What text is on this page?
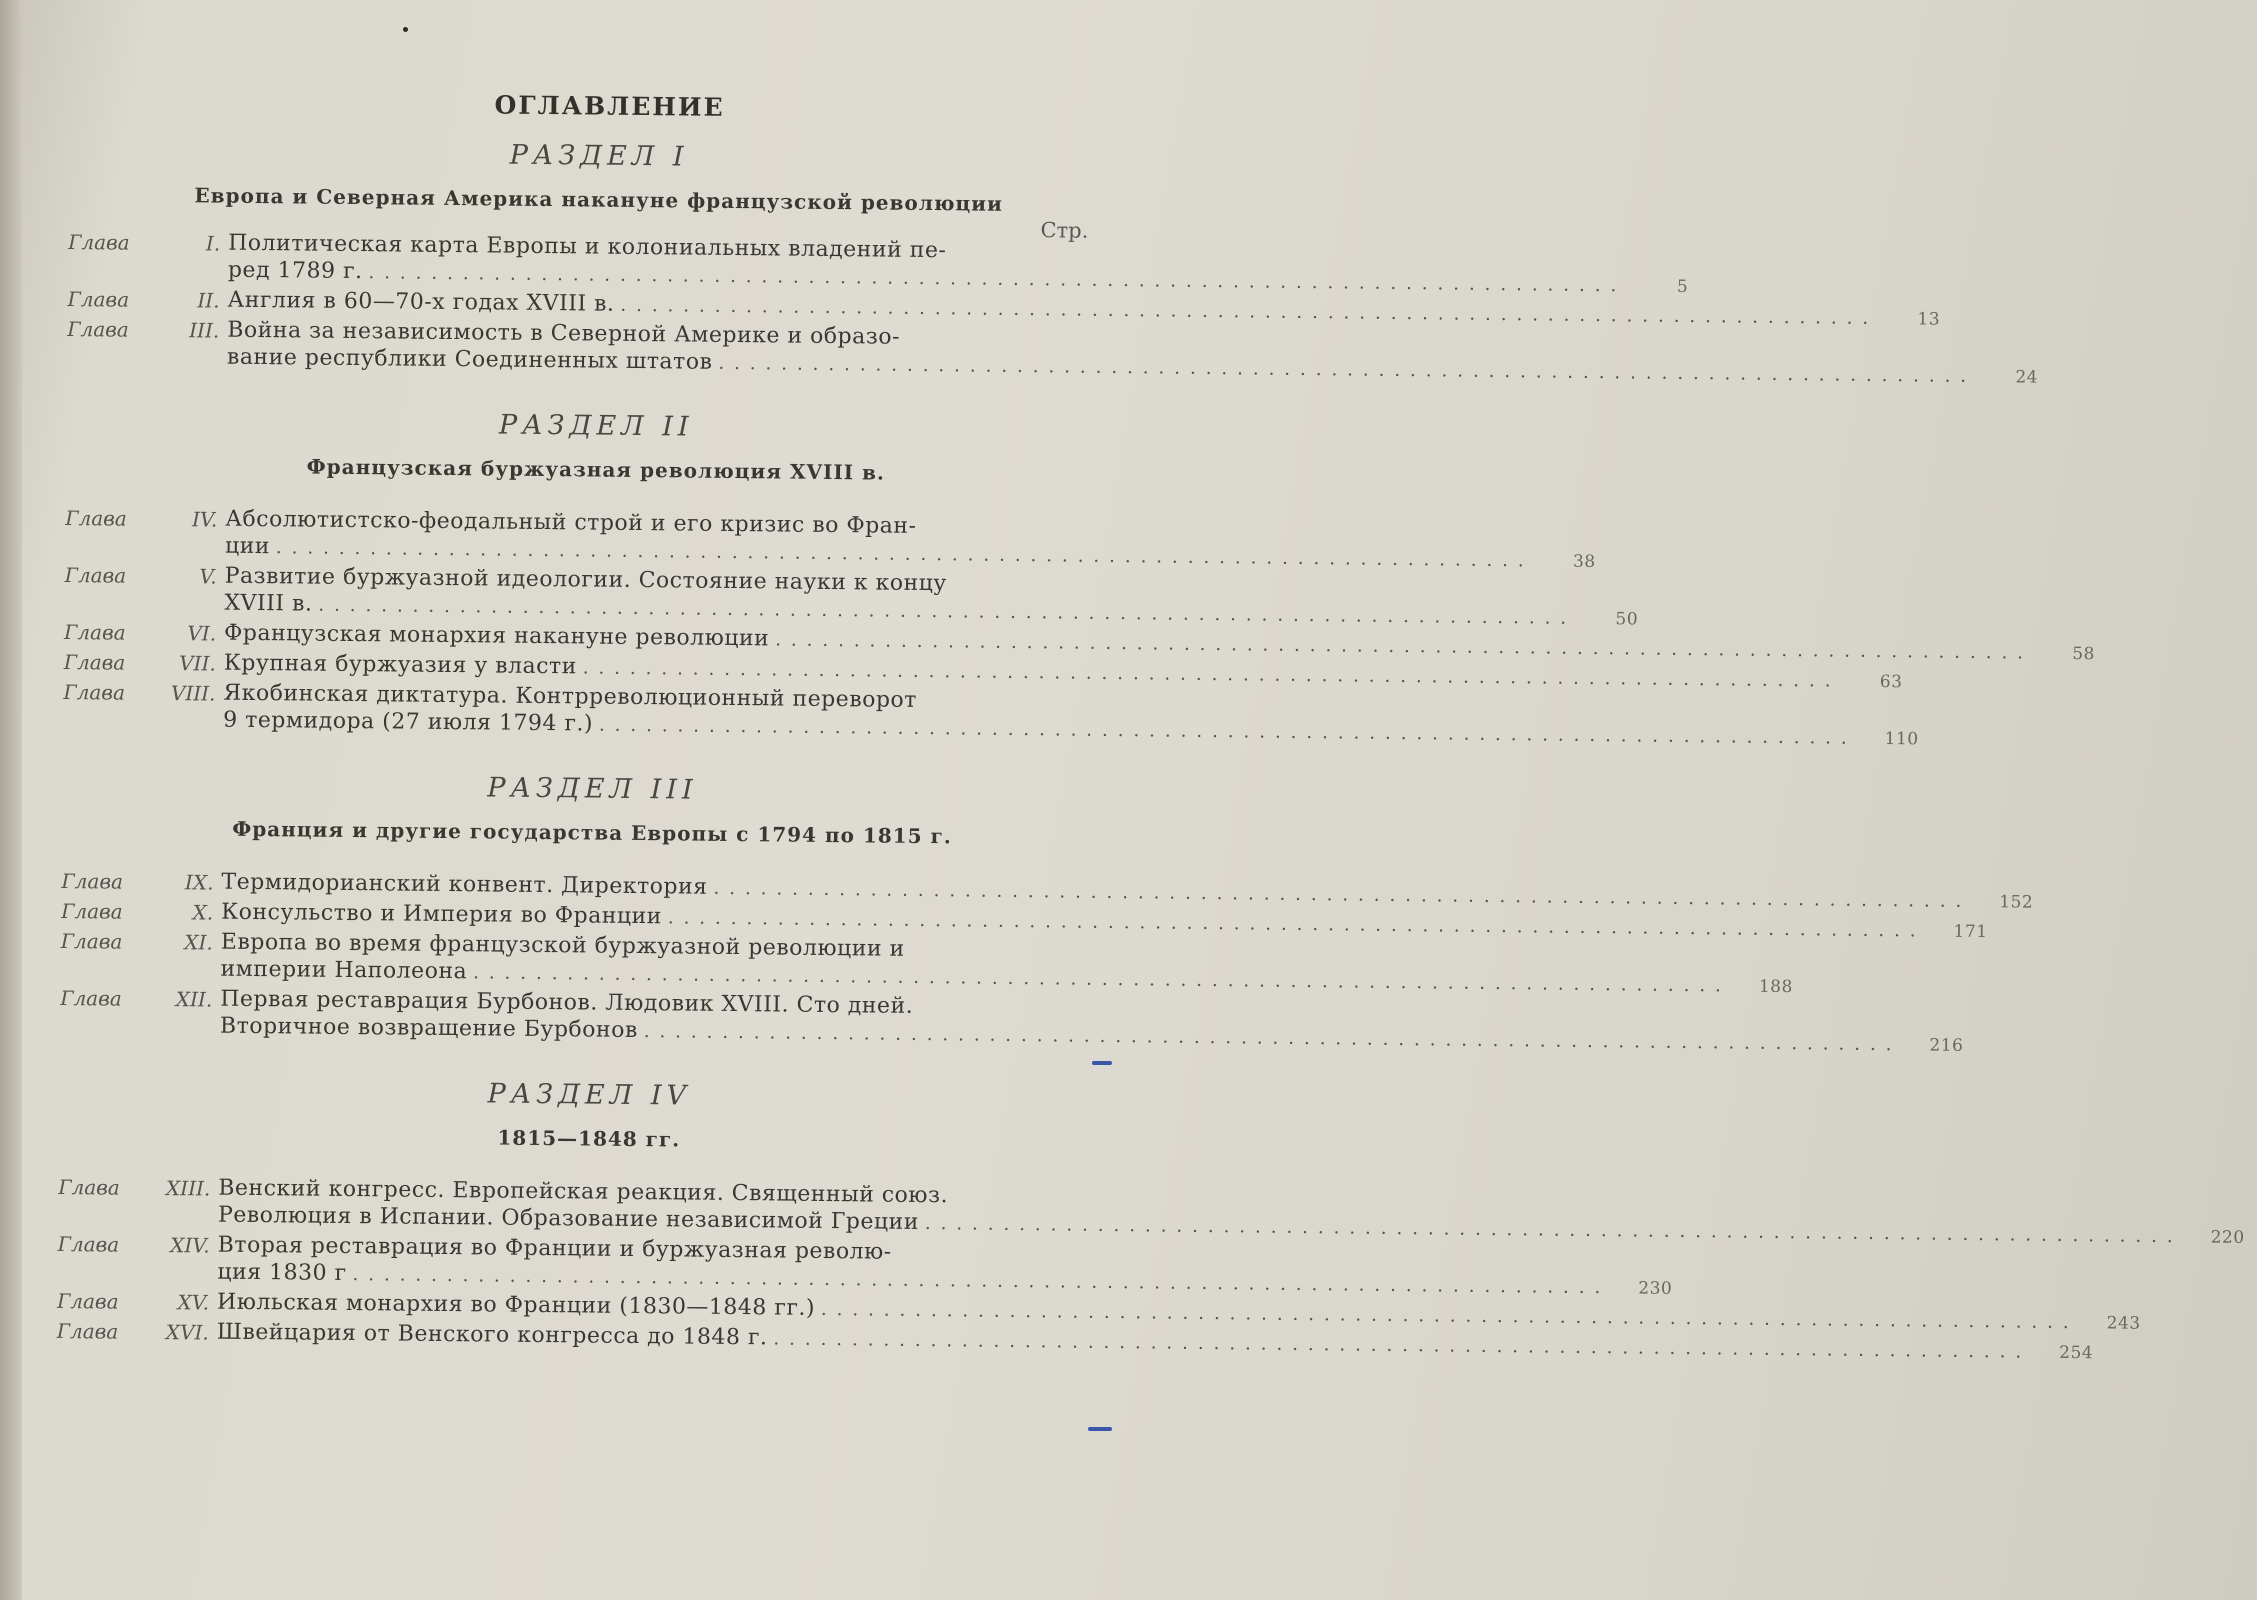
ОГЛАВЛЕНИЕ
РАЗДЕЛ I
Европа и Северная Америка накануне французской революции
Стр.
Глава	I. Политическая карта Европы и колониальных владений пе-
ред 1789 г. ................................................................................	5
Глава	II. Англия в 60—70-х годах XVIII в. ................................................................................	13
Глава	III. Война за независимость в Северной Америке и образо-
вание республики Соединенных штатов ................................................................................	24
РАЗДЕЛ II
Французская буржуазная революция XVIII в.
Глава	IV. Абсолютистско-феодальный строй и его кризис во Фран-
ции ................................................................................	38
Глава	V. Развитие буржуазной идеологии. Состояние науки к концу
XVIII в. ................................................................................	50
Глава	VI. Французская монархия накануне революции ................................................................................	58
Глава	VII. Крупная буржуазия у власти ................................................................................	63
Глава VIII. Якобинская диктатура. Контрреволюционный переворот
9 термидора (27 июля 1794 г.) ................................................................................	110
РАЗДЕЛ III
Франция и другие государства Европы с 1794 по 1815 г.
Глава	IX. Термидорианский конвент. Директория ................................................................................	152
Глава	X. Консульство и Империя во Франции ................................................................................	171
Глава	XI. Европа во время французской буржуазной революции и
империи Наполеона ................................................................................	188
Глава	XII. Первая реставрация Бурбонов. Людовик XVIII. Сто дней.
Вторичное возвращение Бурбонов ................................................................................	216
РАЗДЕЛ IV
1815—1848 гг.
Глава XIII. Венский конгресс. Европейская реакция. Священный союз.
Революция в Испании. Образование независимой Греции ................................................................................	220
Глава	XIV. Вторая реставрация во Франции и буржуазная револю-
ция 1830 г ................................................................................	230
Глава	XV. Июльская монархия во Франции (1830—1848 гг.) ................................................................................	243
Глава XVI. Швейцария от Венского конгресса до 1848 г. ................................................................................	254
